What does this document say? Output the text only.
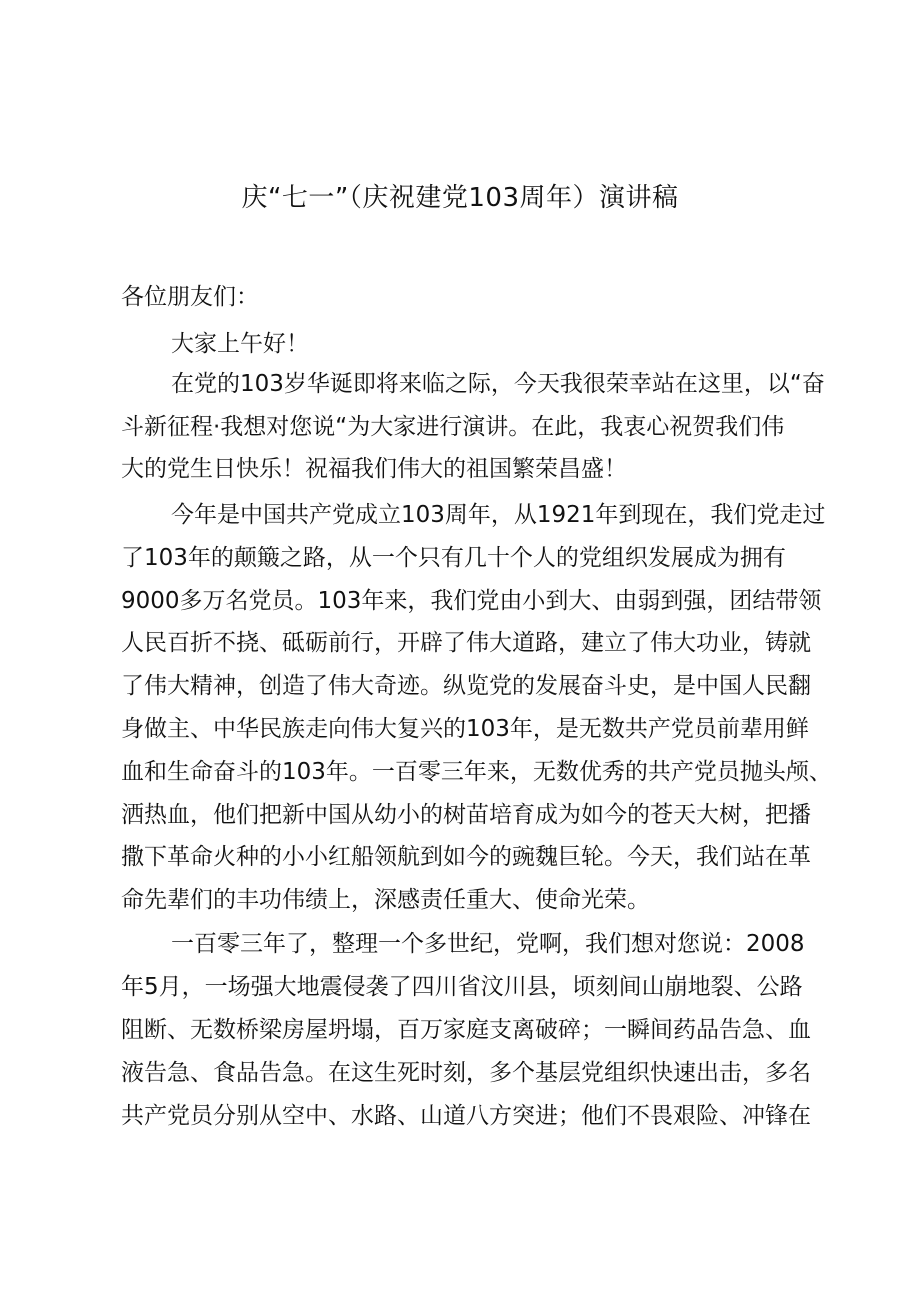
庆“七一”（庆祝建党103周年）演讲稿
各位朋友们：
大家上午好！
在党的103岁华诞即将来临之际，今天我很荣幸站在这里，以“奋
斗新征程·我想对您说“为大家进行演讲。在此，我衷心祝贺我们伟
大的党生日快乐！祝福我们伟大的祖国繁荣昌盛！
今年是中国共产党成立103周年，从1921年到现在，我们党走过
了103年的颠簸之路，从一个只有几十个人的党组织发展成为拥有
9000多万名党员。103年来，我们党由小到大、由弱到强，团结带领
人民百折不挠、砥砺前行，开辟了伟大道路，建立了伟大功业，铸就
了伟大精神，创造了伟大奇迹。纵览党的发展奋斗史，是中国人民翻
身做主、中华民族走向伟大复兴的103年，是无数共产党员前辈用鲜
血和生命奋斗的103年。一百零三年来，无数优秀的共产党员抛头颅、
洒热血，他们把新中国从幼小的树苗培育成为如今的苍天大树，把播
撒下革命火种的小小红船领航到如今的豌魏巨轮。今天，我们站在革
命先辈们的丰功伟绩上，深感责任重大、使命光荣。
一百零三年了，整理一个多世纪，党啊，我们想对您说：2008
年5月，一场强大地震侵袭了四川省汶川县，顷刻间山崩地裂、公路
阻断、无数桥梁房屋坍塌，百万家庭支离破碎；一瞬间药品告急、血
液告急、食品告急。在这生死时刻，多个基层党组织快速出击，多名
共产党员分别从空中、水路、山道八方突进；他们不畏艰险、冲锋在
